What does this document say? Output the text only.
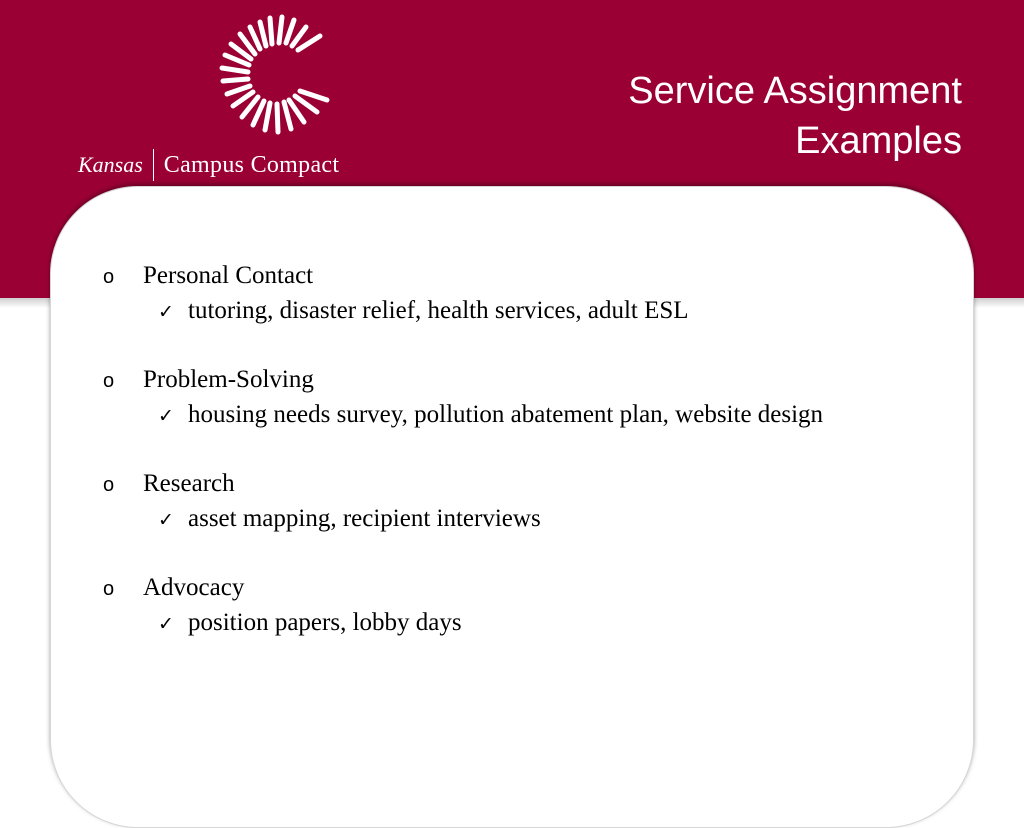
Kansas Campus Compact
Service Assignment
Examples
o	Personal Contact
✓ tutoring, disaster relief, health services, adult ESL
o	Problem-Solving
✓ housing needs survey, pollution abatement plan, website design
o	Research
✓ asset mapping, recipient interviews
o	Advocacy
✓ position papers, lobby days
